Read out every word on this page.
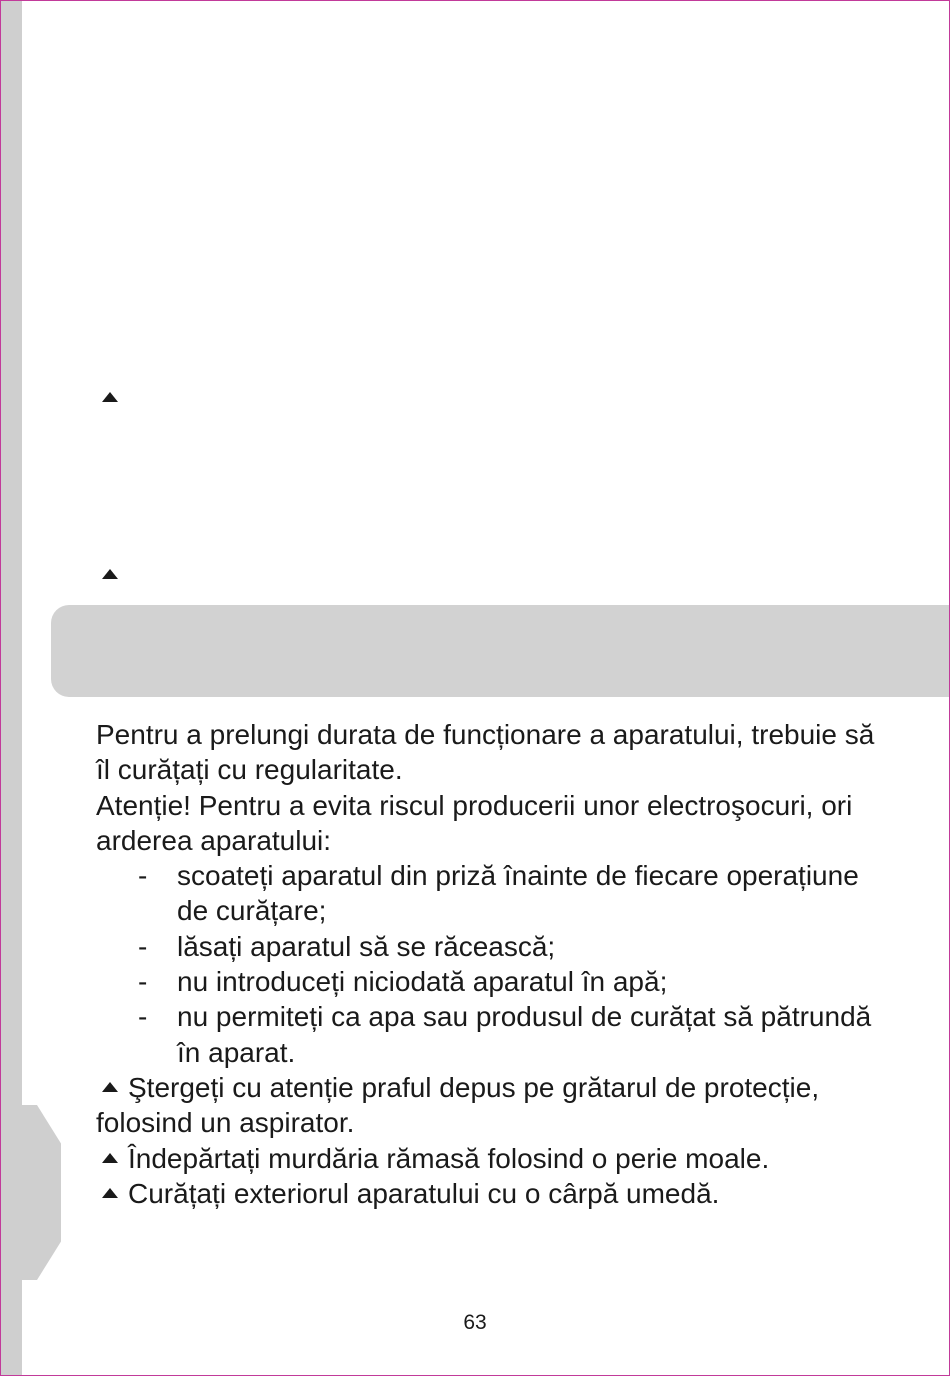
Pentru a prelungi durata de funcționare a aparatului, trebuie să îl curățați cu regularitate.

Atenție! Pentru a evita riscul producerii unor electroşocuri, ori arderea aparatului:

- scoateți aparatul din priză înainte de fiecare operațiune de curățare;
- lăsați aparatul să se răcească;
- nu introduceți niciodată aparatul în apă;
- nu permiteți ca apa sau produsul de curățat să pătrundă în aparat.

Ştergeți cu atenție praful depus pe grătarul de protecție, folosind un aspirator.

Îndepărtați murdăria rămasă folosind o perie moale.

Curățați exteriorul aparatului cu o cârpă umedă.

63
